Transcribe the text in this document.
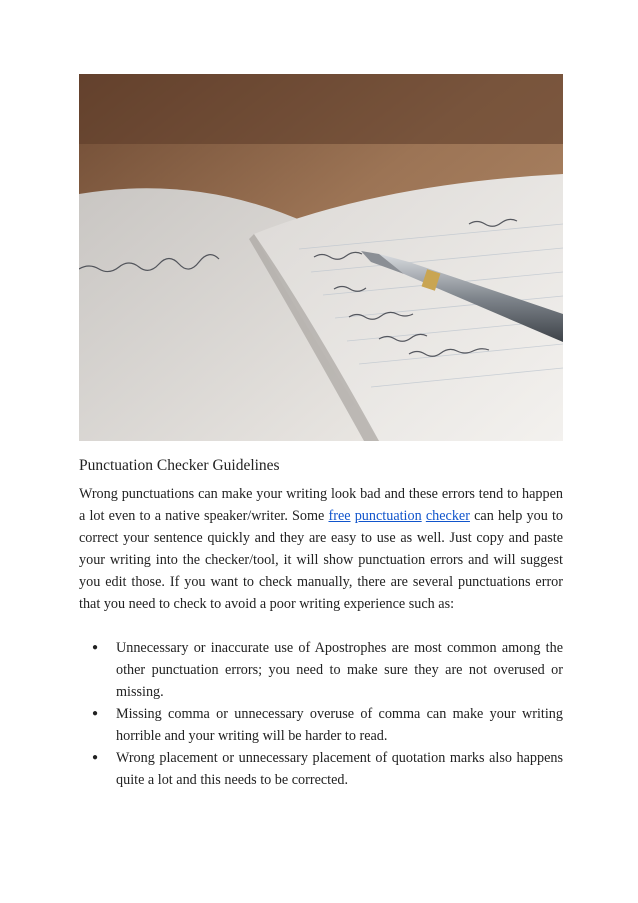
Punctuation Checker Guidelines

Wrong punctuations can make your writing look bad and these errors tend to happen a lot even to a native speaker/writer. Some free punctuation checker can help you to correct your sentence quickly and they are easy to use as well. Just copy and paste your writing into the checker/tool, it will show punctuation errors and will suggest you edit those. If you want to check manually, there are several punctuations error that you need to check to avoid a poor writing experience such as:

● Unnecessary or inaccurate use of Apostrophes are most common among the other punctuation errors; you need to make sure they are not overused or missing.
● Missing comma or unnecessary overuse of comma can make your writing horrible and your writing will be harder to read.
● Wrong placement or unnecessary placement of quotation marks also happens quite a lot and this needs to be corrected.
